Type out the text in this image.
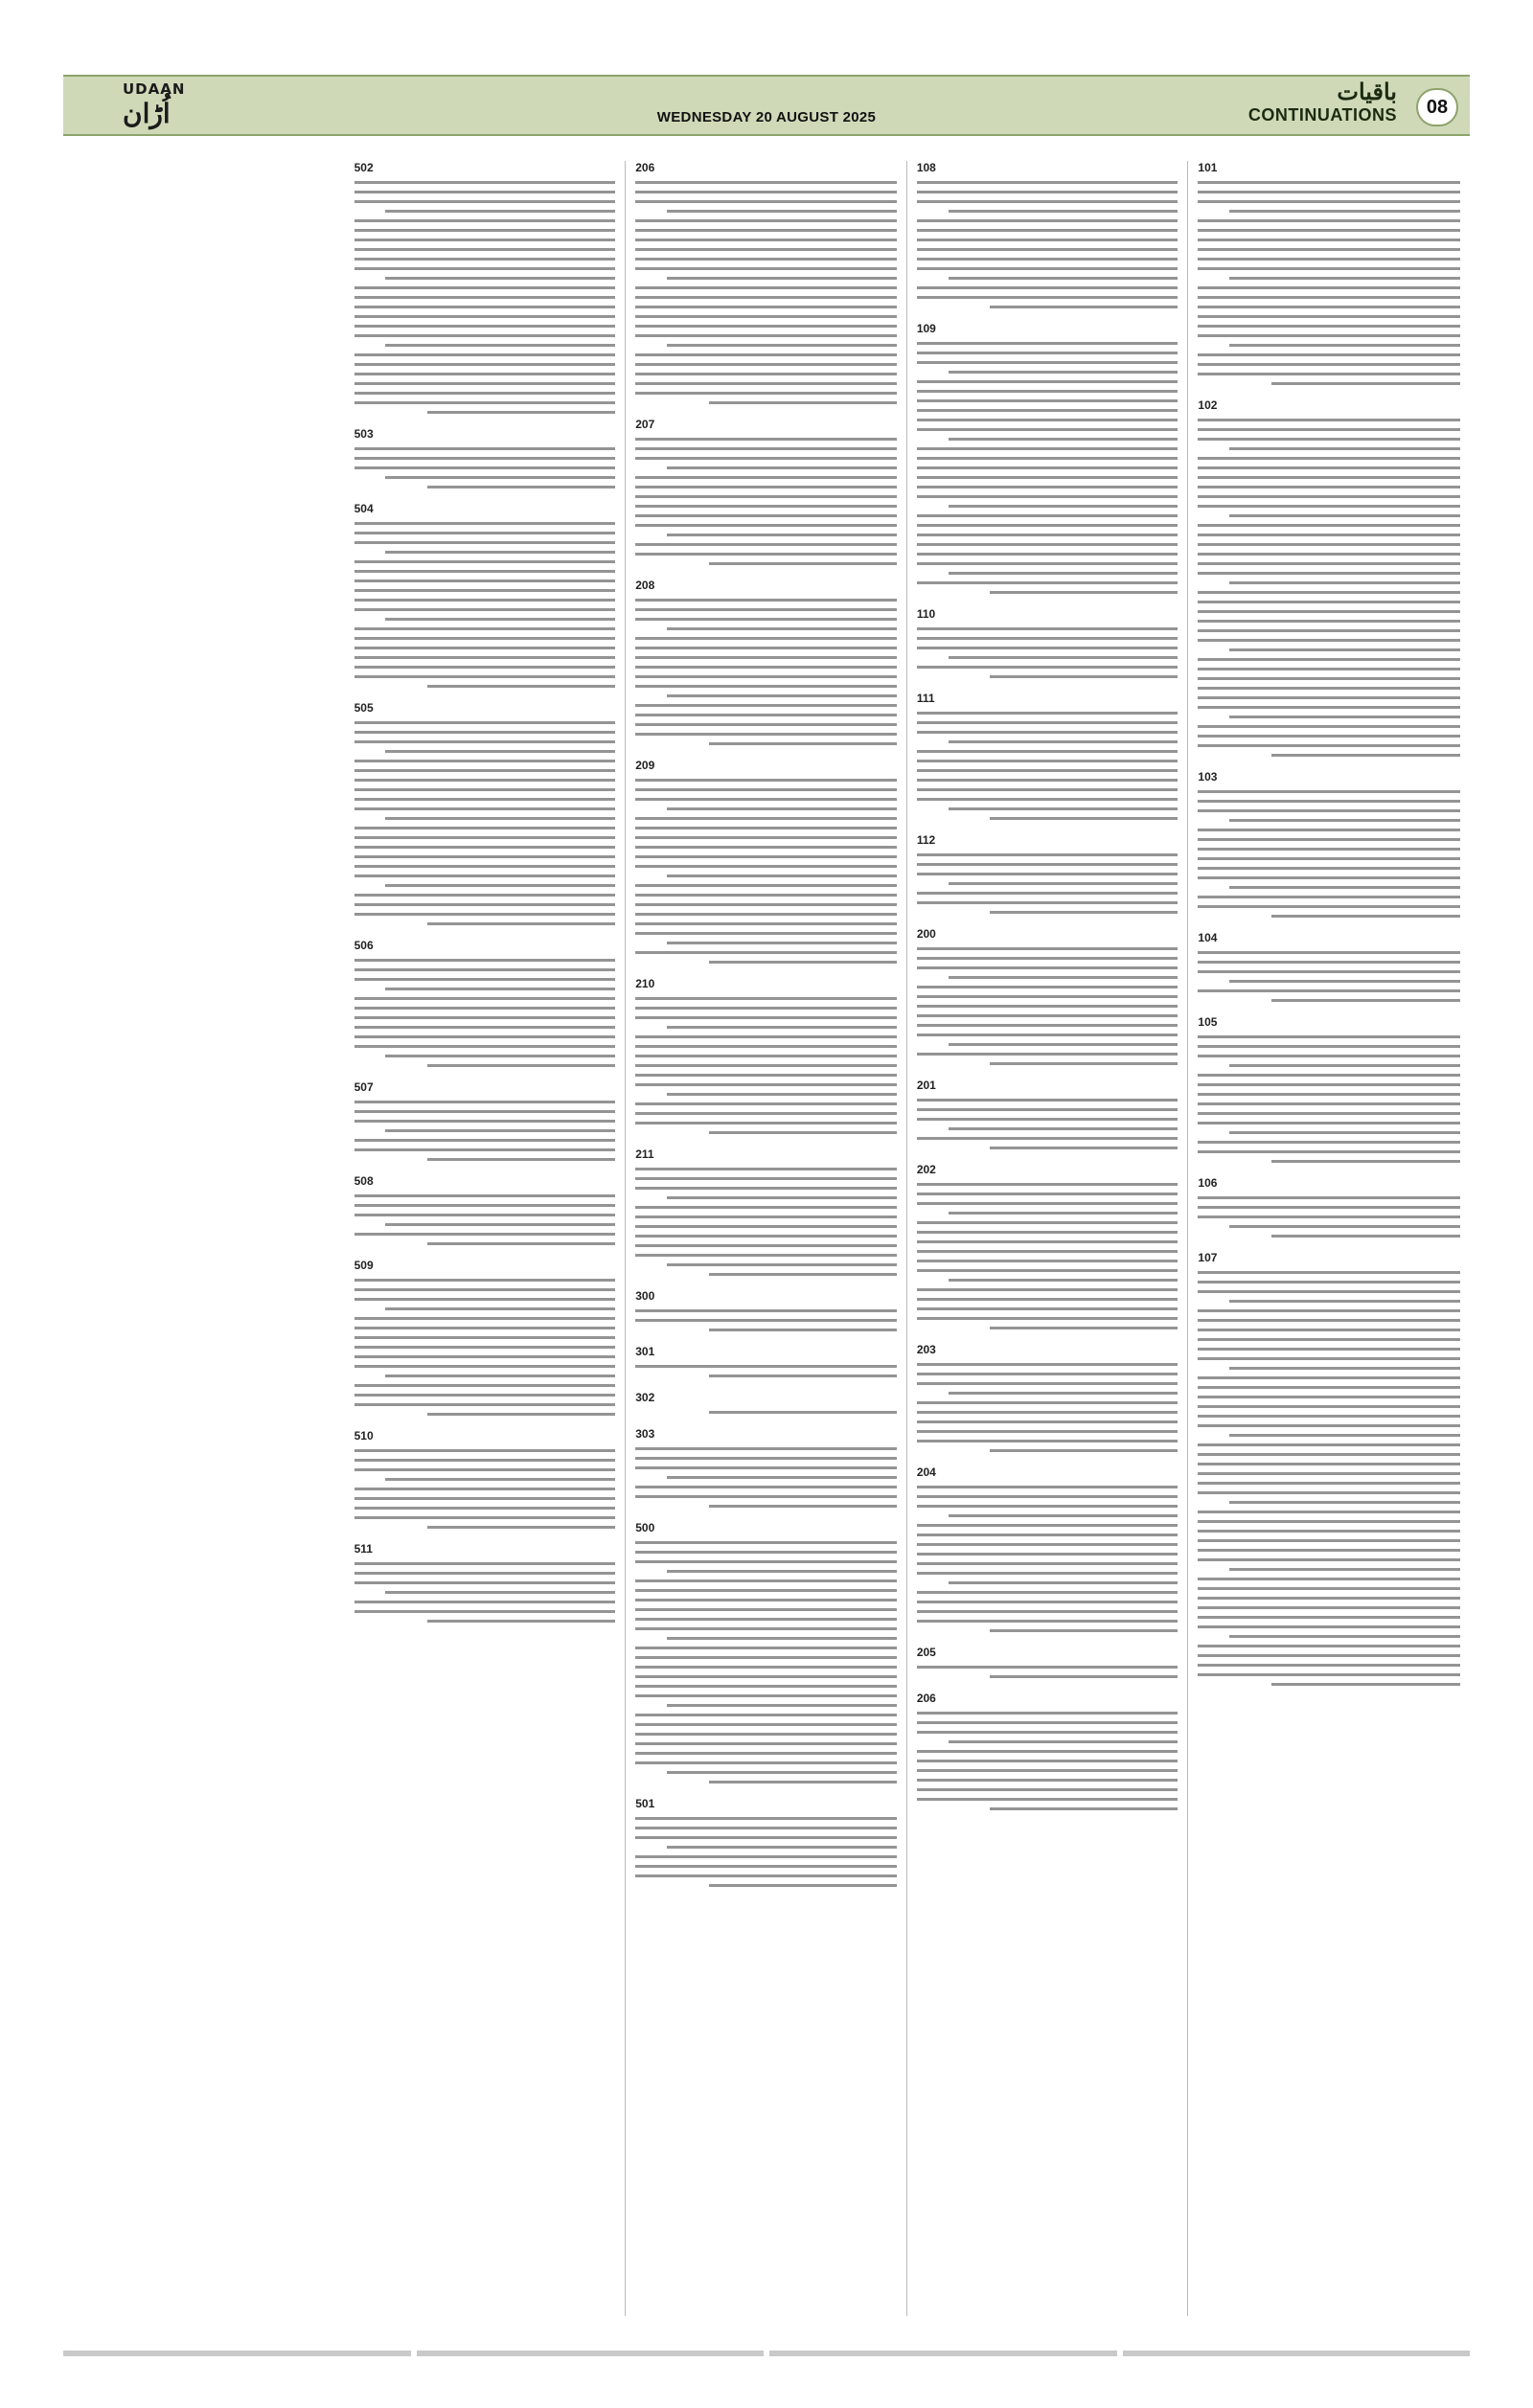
UDAAN
اُڑان	WEDNESDAY 20 AUGUST 2025
باقیات
CONTINUATIONS	08
101
102
103
104
105
106
107
108
109
110
111
112
200
201
202
203
204
205
206
206
207
208
209
210
211
300
301
302
303
500
501
502
503
504
505
506
507
508
509
510
511
